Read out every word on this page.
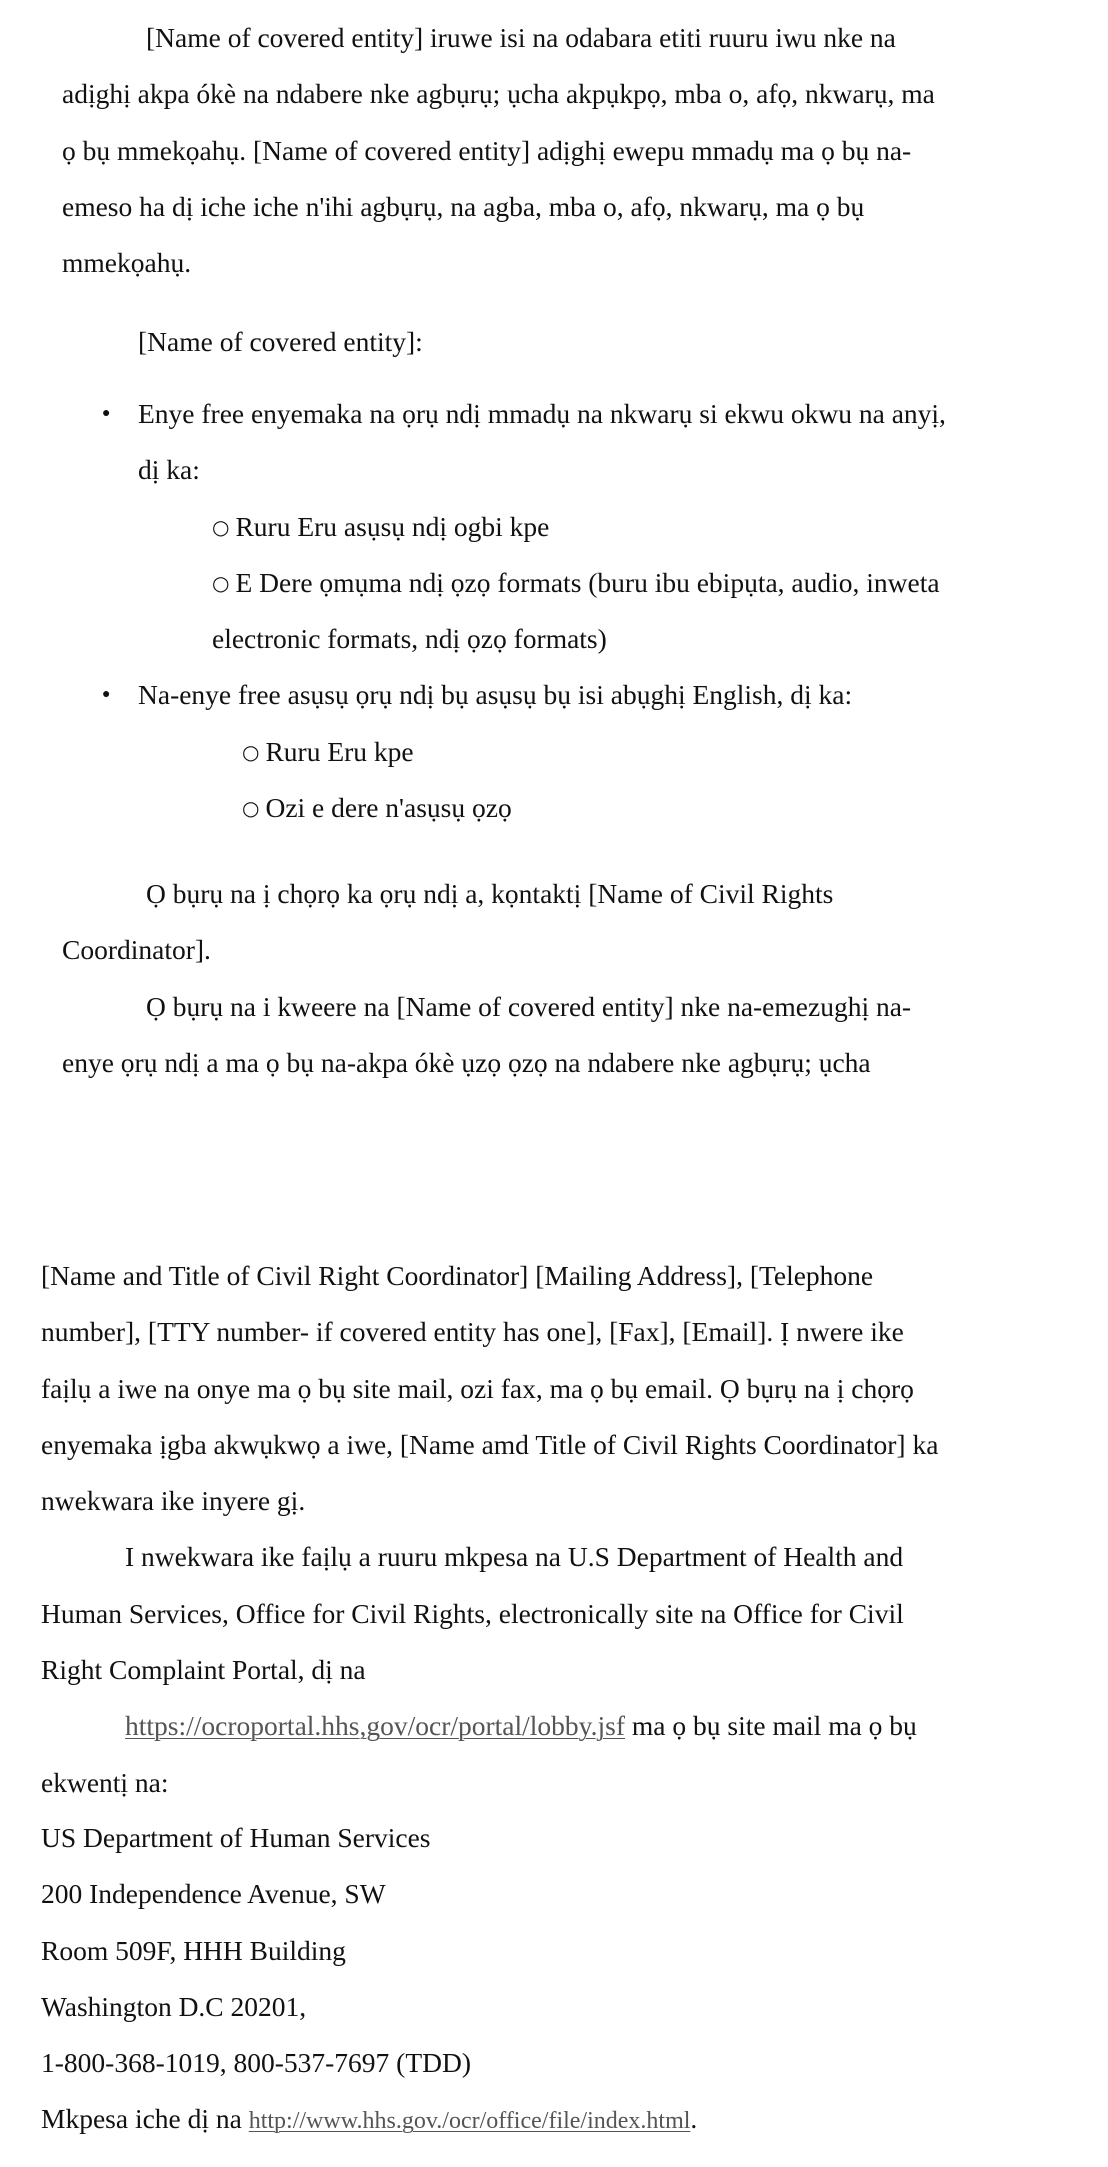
[Name of covered entity] iruwe isi na odabara etiti ruuru iwu nke na
adịghị akpa ókè na ndabere nke agbụrụ; ụcha akpụkpọ, mba o, afọ, nkwarụ, ma
ọ bụ mmekọahụ. [Name of covered entity] adịghị ewepu mmadụ ma ọ bụ na-
emeso ha dị iche iche n'ihi agbụrụ, na agba, mba o, afọ, nkwarụ, ma ọ bụ
mmekọahụ.
[Name of covered entity]:
● Enye free enyemaka na ọrụ ndị mmadụ na nkwarụ si ekwu okwu na anyị,
dị ka:
○ Ruru Eru asụsụ ndị ogbi kpe
○ E Dere ọmụma ndị ọzọ formats (buru ibu ebipụta, audio, inweta
electronic formats, ndị ọzọ formats)
● Na-enye free asụsụ ọrụ ndị bụ asụsụ bụ isi abụghị English, dị ka:
○ Ruru Eru kpe
○ Ozi e dere n'asụsụ ọzọ
Ọ bụrụ na ị chọrọ ka ọrụ ndị a, kọntaktị [Name of Civil Rights
Coordinator].
Ọ bụrụ na i kweere na [Name of covered entity] nke na-emezughị na-
enye ọrụ ndị a ma ọ bụ na-akpa ókè ụzọ ọzọ na ndabere nke agbụrụ; ụcha
[Name and Title of Civil Right Coordinator] [Mailing Address], [Telephone
number], [TTY number- if covered entity has one], [Fax], [Email]. Ị nwere ike
faịlụ a iwe na onye ma ọ bụ site mail, ozi fax, ma ọ bụ email. Ọ bụrụ na ị chọrọ
enyemaka ịgba akwụkwọ a iwe, [Name amd Title of Civil Rights Coordinator] ka
nwekwara ike inyere gị.
I nwekwara ike faịlụ a ruuru mkpesa na U.S Department of Health and
Human Services, Office for Civil Rights, electronically site na Office for Civil
Right Complaint Portal, dị na
https://ocroportal.hhs,gov/ocr/portal/lobby.jsf ma ọ bụ site mail ma ọ bụ
ekwentị na:
US Department of Human Services
200 Independence Avenue, SW
Room 509F, HHH Building
Washington D.C 20201,
1-800-368-1019, 800-537-7697 (TDD)
Mkpesa iche dị na http://www.hhs.gov./ocr/office/file/index.html.
